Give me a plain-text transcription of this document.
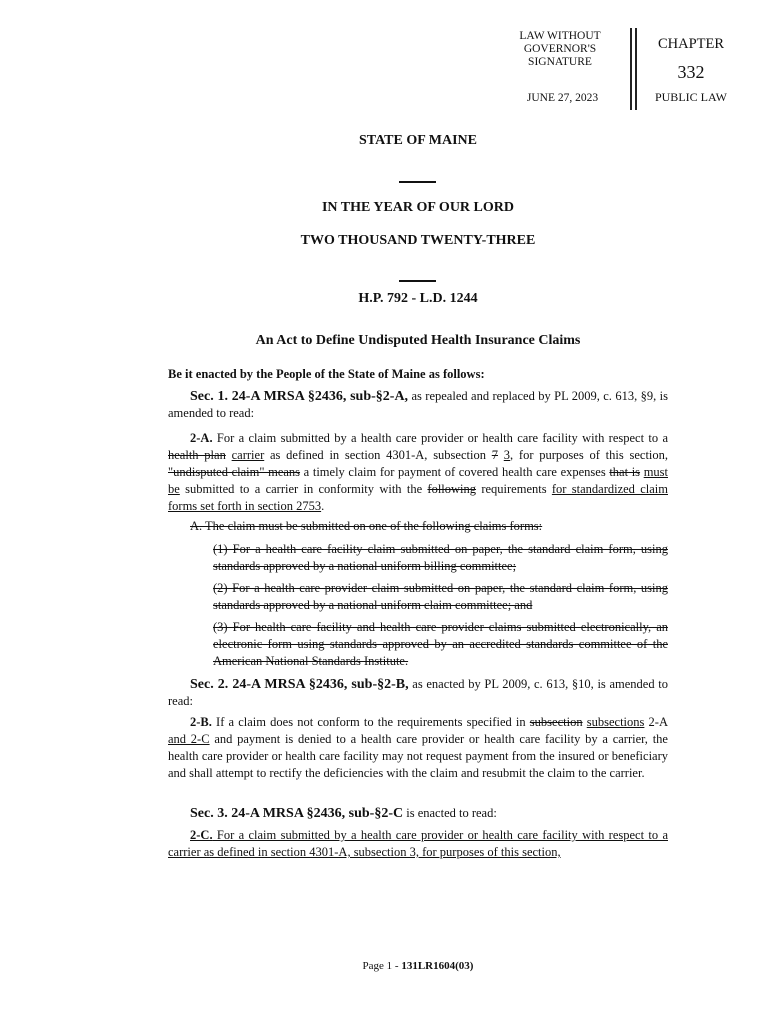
LAW WITHOUT
GOVERNOR'S
SIGNATURE
JUNE 27, 2023
CHAPTER
332
PUBLIC LAW
STATE OF MAINE
IN THE YEAR OF OUR LORD
TWO THOUSAND TWENTY-THREE
H.P. 792 - L.D. 1244
An Act to Define Undisputed Health Insurance Claims
Be it enacted by the People of the State of Maine as follows:
Sec. 1. 24-A MRSA §2436, sub-§2-A, as repealed and replaced by PL 2009, c. 613, §9, is amended to read:
2-A. For a claim submitted by a health care provider or health care facility with respect to a health plan carrier as defined in section 4301-A, subsection 7 3, for purposes of this section, "undisputed claim" means a timely claim for payment of covered health care expenses that is must be submitted to a carrier in conformity with the following requirements for standardized claim forms set forth in section 2753.
A. The claim must be submitted on one of the following claims forms:
(1) For a health care facility claim submitted on paper, the standard claim form, using standards approved by a national uniform billing committee;
(2) For a health care provider claim submitted on paper, the standard claim form, using standards approved by a national uniform claim committee; and
(3) For health care facility and health care provider claims submitted electronically, an electronic form using standards approved by an accredited standards committee of the American National Standards Institute.
Sec. 2. 24-A MRSA §2436, sub-§2-B, as enacted by PL 2009, c. 613, §10, is amended to read:
2-B. If a claim does not conform to the requirements specified in subsection subsections 2-A and 2-C and payment is denied to a health care provider or health care facility by a carrier, the health care provider or health care facility may not request payment from the insured or beneficiary and shall attempt to rectify the deficiencies with the claim and resubmit the claim to the carrier.
Sec. 3. 24-A MRSA §2436, sub-§2-C is enacted to read:
2-C. For a claim submitted by a health care provider or health care facility with respect to a carrier as defined in section 4301-A, subsection 3, for purposes of this section,
Page 1 - 131LR1604(03)
